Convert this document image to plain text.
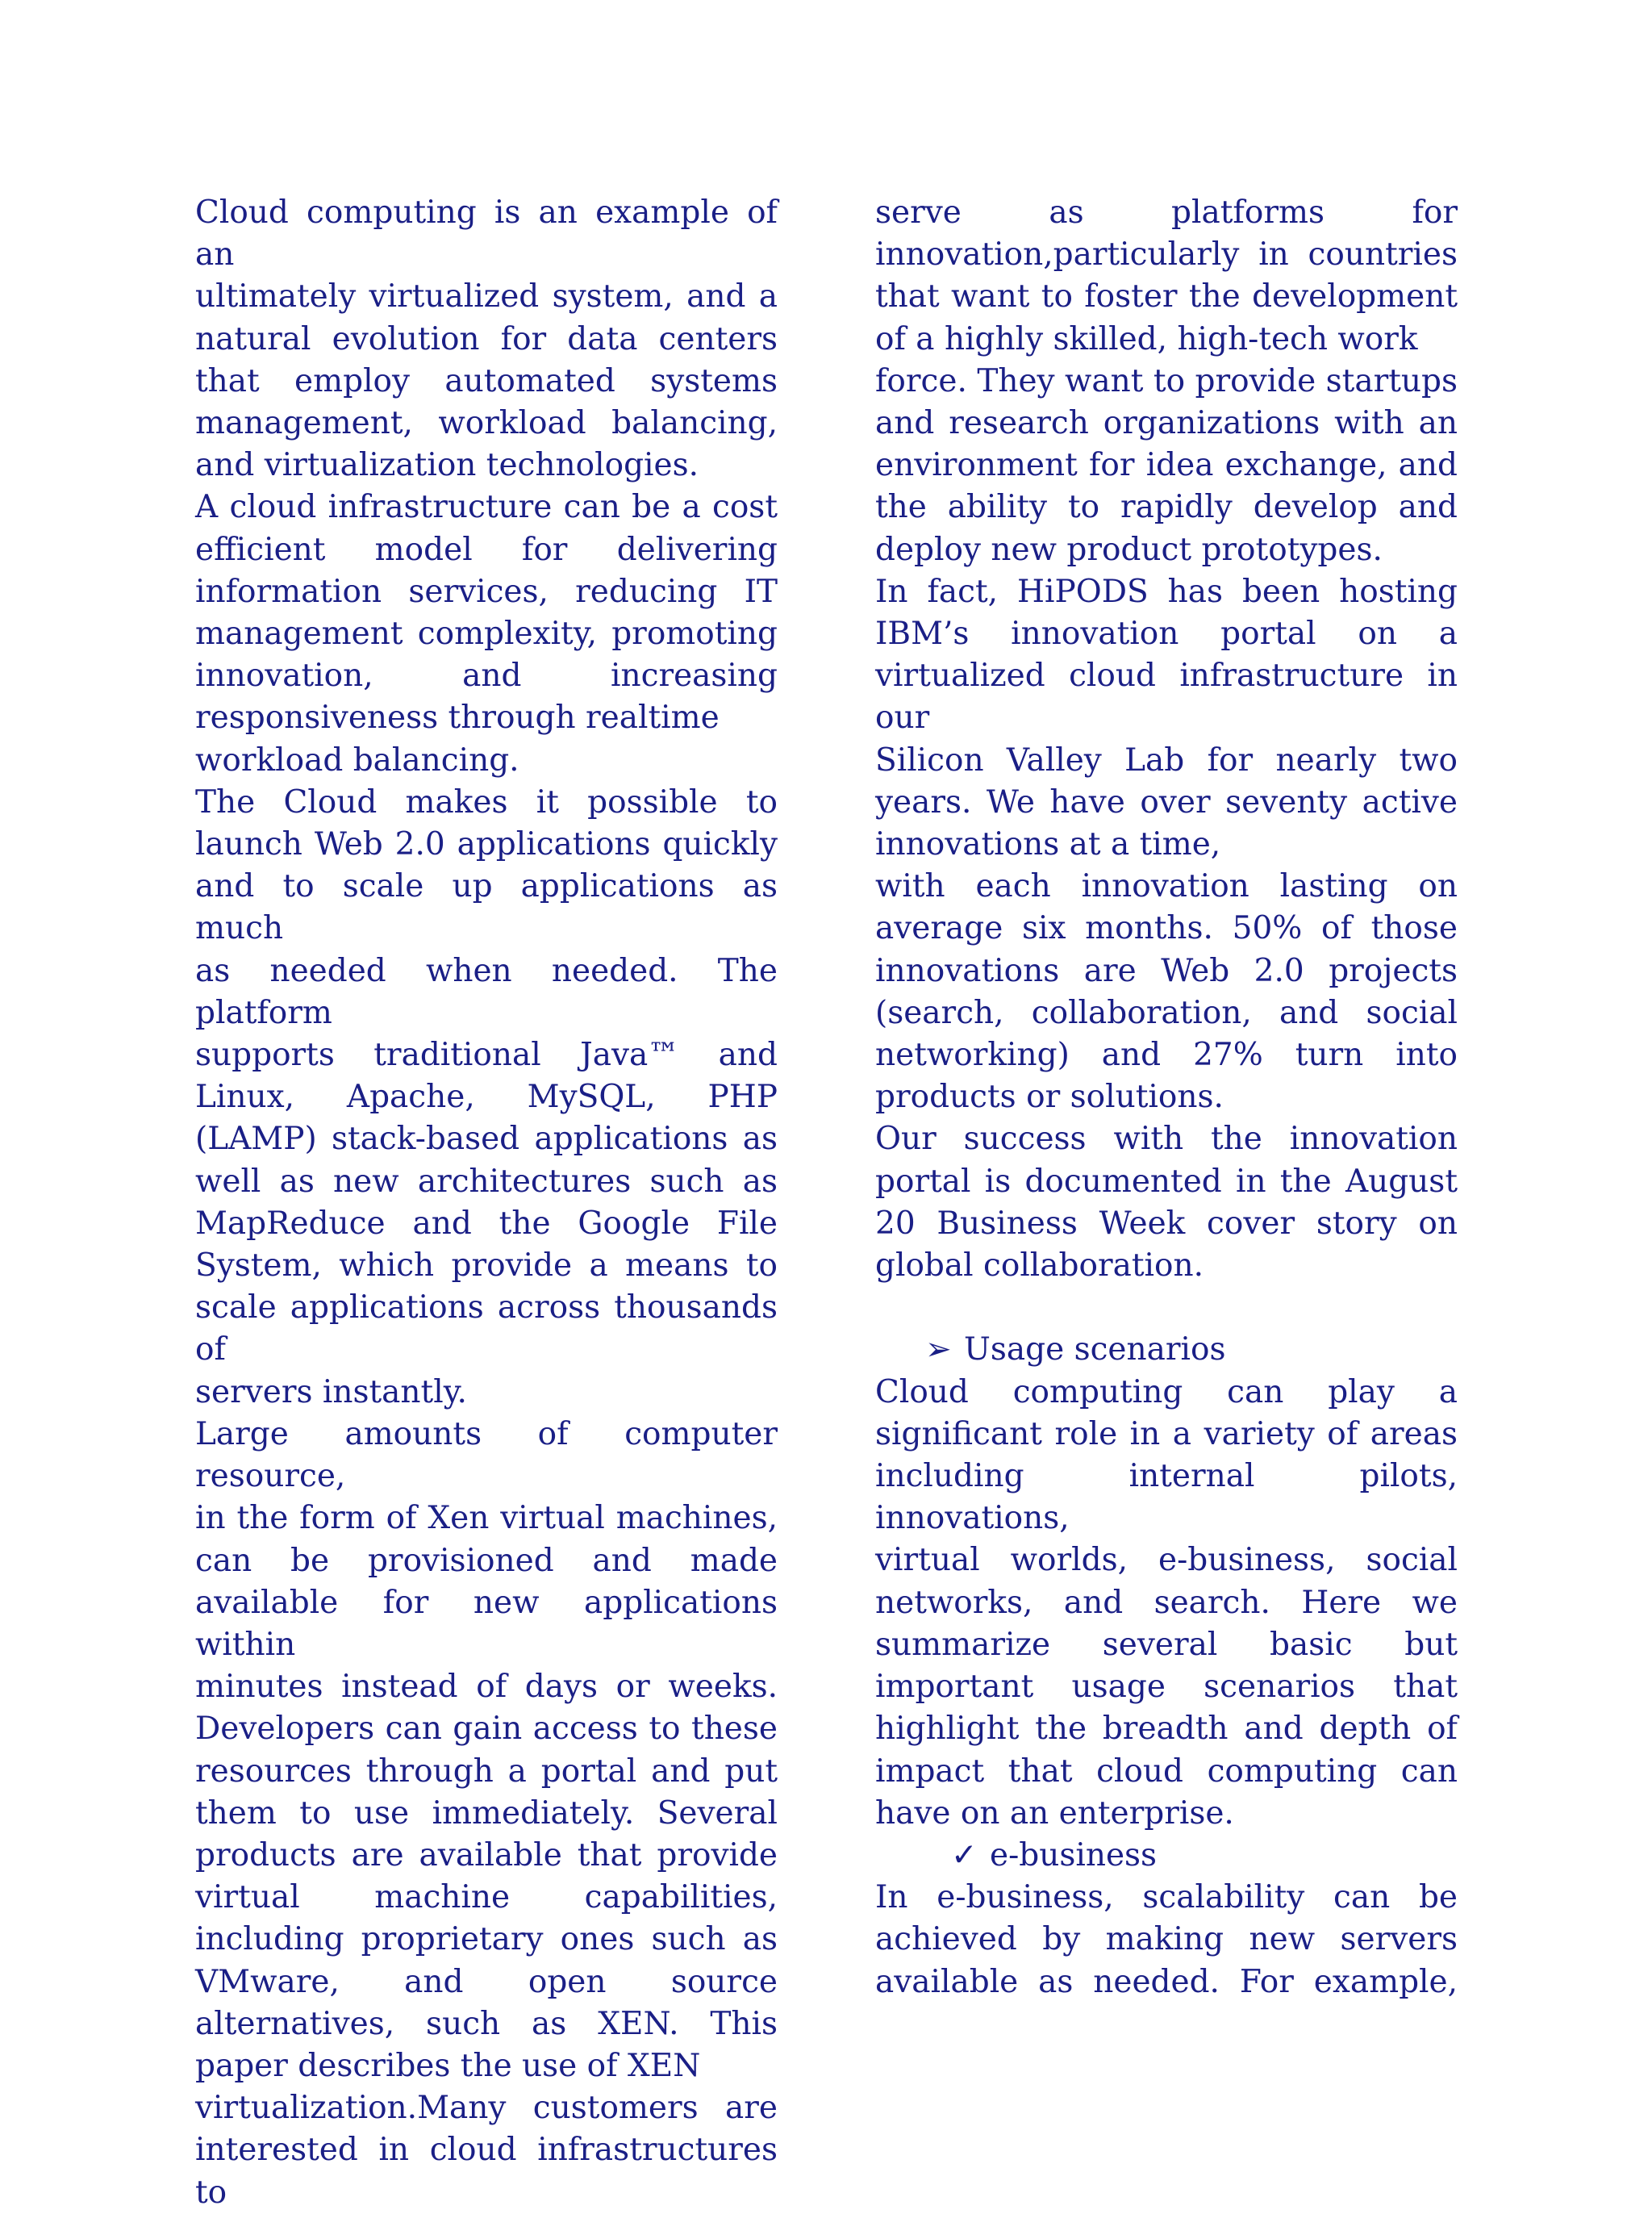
Cloud computing is an example of an
ultimately virtualized system, and a
natural evolution for data centers
that employ automated systems
management, workload balancing,
and virtualization technologies.

A cloud infrastructure can be a cost
efficient model for delivering
information services, reducing IT
management complexity, promoting
innovation, and increasing
responsiveness through realtime
workload balancing.

The Cloud makes it possible to
launch Web 2.0 applications quickly
and to scale up applications as much
as needed when needed. The platform
supports traditional Java™ and
Linux, Apache, MySQL, PHP
(LAMP) stack-based applications as
well as new architectures such as
MapReduce and the Google File
System, which provide a means to
scale applications across thousands of
servers instantly.

Large amounts of computer resource,
in the form of Xen virtual machines,
can be provisioned and made
available for new applications within
minutes instead of days or weeks.
Developers can gain access to these
resources through a portal and put
them to use immediately. Several
products are available that provide
virtual machine capabilities,
including proprietary ones such as
VMware, and open source
alternatives, such as XEN. This
paper describes the use of XEN
virtualization.Many customers are
interested in cloud infrastructures to

serve as platforms for
innovation,particularly in countries
that want to foster the development
of a highly skilled, high-tech work
force. They want to provide startups
and research organizations with an
environment for idea exchange, and
the ability to rapidly develop and
deploy new product prototypes.

In fact, HiPODS has been hosting
IBM’s innovation portal on a
virtualized cloud infrastructure in our
Silicon Valley Lab for nearly two
years. We have over seventy active
innovations at a time,

with each innovation lasting on
average six months. 50% of those
innovations are Web 2.0 projects
(search, collaboration, and social
networking) and 27% turn into
products or solutions.

Our success with the innovation
portal is documented in the August
20 Business Week cover story on
global collaboration.

➢ Usage scenarios

Cloud computing can play a
significant role in a variety of areas
including internal pilots, innovations,
virtual worlds, e-business, social
networks, and search. Here we
summarize several basic but
important usage scenarios that
highlight the breadth and depth of
impact that cloud computing can
have on an enterprise.

✓ e-business

In e-business, scalability can be
achieved by making new servers
available as needed. For example,
